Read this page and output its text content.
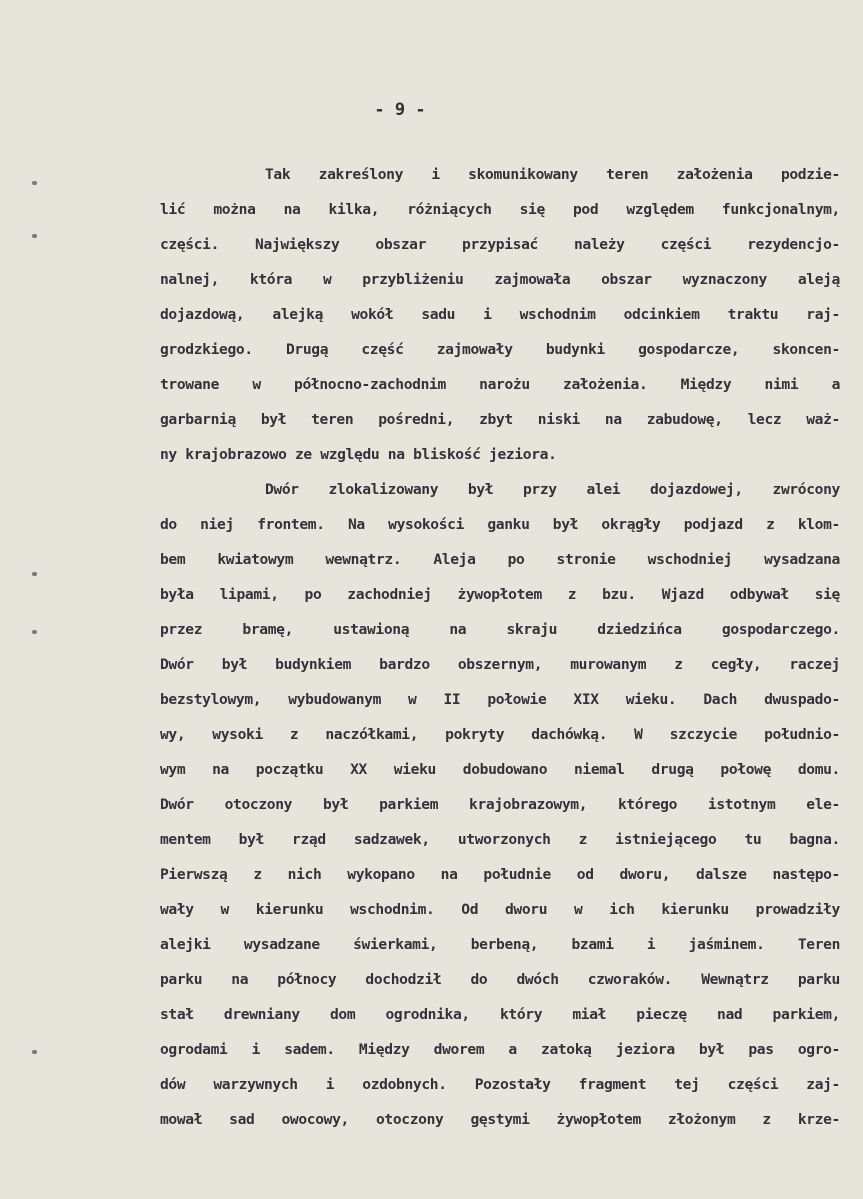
- 9 -
Tak zakreślony i skomunikowany teren założenia podzie-
lić można na kilka, różniących się pod względem funkcjonalnym,
części. Największy obszar przypisać należy części rezydencjo-
nalnej, która w przybliżeniu zajmowała obszar wyznaczony aleją
dojazdową, alejką wokół sadu i wschodnim odcinkiem traktu raj-
grodzkiego. Drugą część zajmowały budynki gospodarcze, skoncen-
trowane w północno-zachodnim narożu założenia. Między nimi a
garbarnią był teren pośredni, zbyt niski na zabudowę, lecz waż-
ny krajobrazowo ze względu na bliskość jeziora.
Dwór zlokalizowany był przy alei dojazdowej, zwrócony
do niej frontem. Na wysokości ganku był okrągły podjazd z klom-
bem kwiatowym wewnątrz. Aleja po stronie wschodniej wysadzana
była lipami, po zachodniej żywopłotem z bzu. Wjazd odbywał się
przez bramę, ustawioną na skraju dziedzińca gospodarczego.
Dwór był budynkiem bardzo obszernym, murowanym z cegły, raczej
bezstylowym, wybudowanym w II połowie XIX wieku. Dach dwuspado-
wy, wysoki z naczółkami, pokryty dachówką. W szczycie południo-
wym na początku XX wieku dobudowano niemal drugą połowę domu.
Dwór otoczony był parkiem krajobrazowym, którego istotnym ele-
mentem był rząd sadzawek, utworzonych z istniejącego tu bagna.
Pierwszą z nich wykopano na południe od dworu, dalsze następo-
wały w kierunku wschodnim. Od dworu w ich kierunku prowadziły
alejki wysadzane świerkami, berbeną, bzami i jaśminem. Teren
parku na północy dochodził do dwóch czworaków. Wewnątrz parku
stał drewniany dom ogrodnika, który miał pieczę nad parkiem,
ogrodami i sadem. Między dworem a zatoką jeziora był pas ogro-
dów warzywnych i ozdobnych. Pozostały fragment tej części zaj-
mował sad owocowy, otoczony gęstymi żywopłotem złożonym z krze-
